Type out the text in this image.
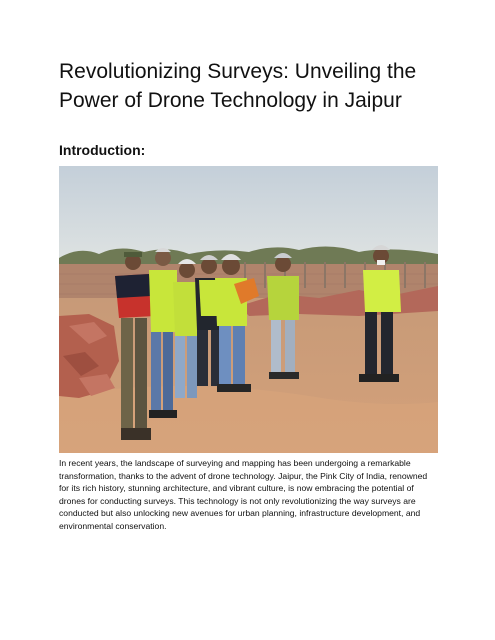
Revolutionizing Surveys: Unveiling the Power of Drone Technology in Jaipur
Introduction:

In recent years, the landscape of surveying and mapping has been undergoing a remarkable transformation, thanks to the advent of drone technology. Jaipur, the Pink City of India, renowned for its rich history, stunning architecture, and vibrant culture, is now embracing the potential of drones for conducting surveys. This technology is not only revolutionizing the way surveys are conducted but also unlocking new avenues for urban planning, infrastructure development, and environmental conservation.
